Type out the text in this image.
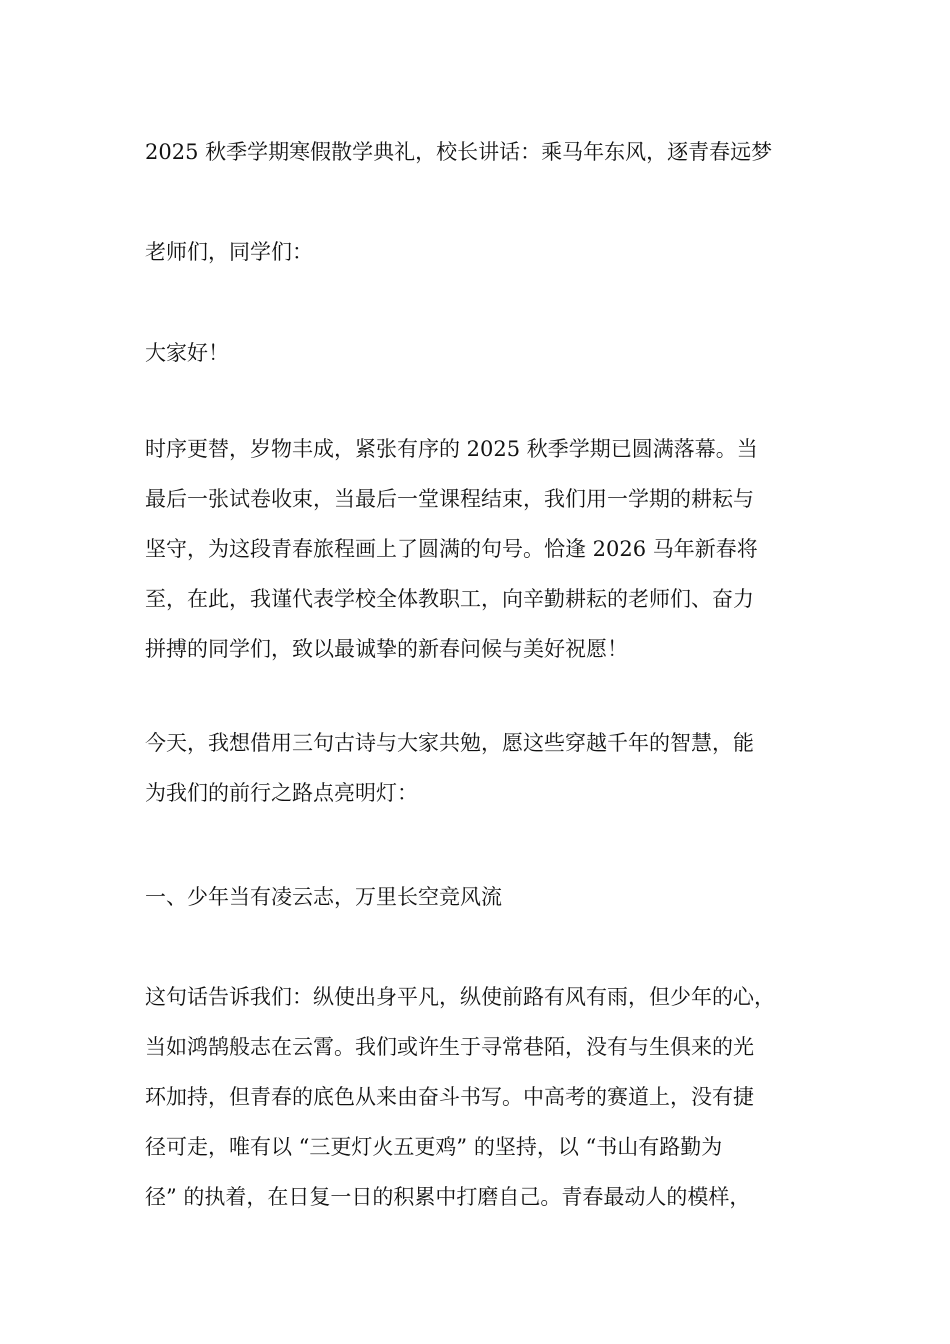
2025 秋季学期寒假散学典礼，校长讲话：乘马年东风，逐青春远梦

老师们，同学们：

大家好！

时序更替，岁物丰成，紧张有序的 2025 秋季学期已圆满落幕。当
最后一张试卷收束，当最后一堂课程结束，我们用一学期的耕耘与
坚守，为这段青春旅程画上了圆满的句号。恰逢 2026 马年新春将
至，在此，我谨代表学校全体教职工，向辛勤耕耘的老师们、奋力
拼搏的同学们，致以最诚挚的新春问候与美好祝愿！

今天，我想借用三句古诗与大家共勉，愿这些穿越千年的智慧，能
为我们的前行之路点亮明灯：

一、少年当有凌云志，万里长空竞风流

这句话告诉我们：纵使出身平凡，纵使前路有风有雨，但少年的心，
当如鸿鹄般志在云霄。我们或许生于寻常巷陌，没有与生俱来的光
环加持，但青春的底色从来由奋斗书写。中高考的赛道上，没有捷
径可走，唯有以 “三更灯火五更鸡” 的坚持，以 “书山有路勤为
径” 的执着，在日复一日的积累中打磨自己。青春最动人的模样，
